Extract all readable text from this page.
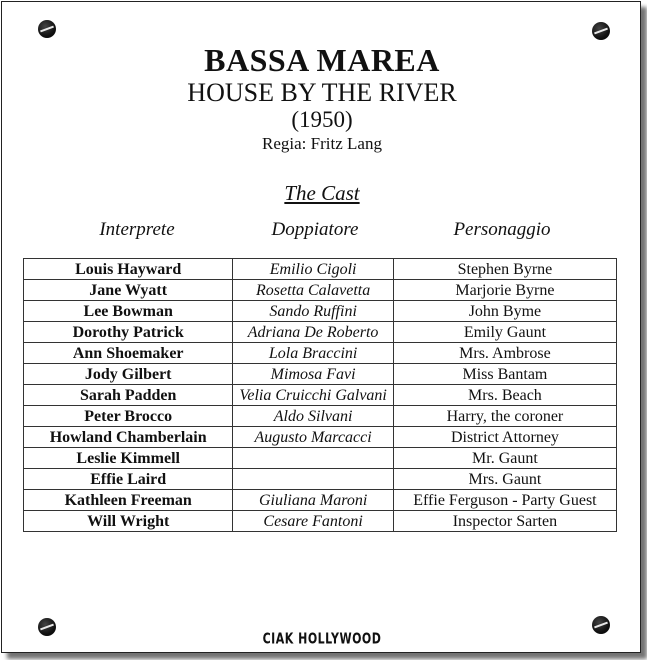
BASSA MAREA
HOUSE BY THE RIVER
(1950)
Regia: Fritz Lang
The Cast
Interprete	Doppiatore	Personaggio
Louis Hayward	Emilio Cigoli	Stephen Byrne
Jane Wyatt	Rosetta Calavetta	Marjorie Byrne
Lee Bowman	Sando Ruffini	John Byme
Dorothy Patrick	Adriana De Roberto	Emily Gaunt
Ann Shoemaker	Lola Braccini	Mrs. Ambrose
Jody Gilbert	Mimosa Favi	Miss Bantam
Sarah Padden	Velia Cruicchi Galvani	Mrs. Beach
Peter Brocco	Aldo Silvani	Harry, the coroner
Howland Chamberlain	Augusto Marcacci	District Attorney
Leslie Kimmell		Mr. Gaunt
Effie Laird		Mrs. Gaunt
Kathleen Freeman	Giuliana Maroni	Effie Ferguson - Party Guest
Will Wright	Cesare Fantoni	Inspector Sarten
CIAK HOLLYWOOD
